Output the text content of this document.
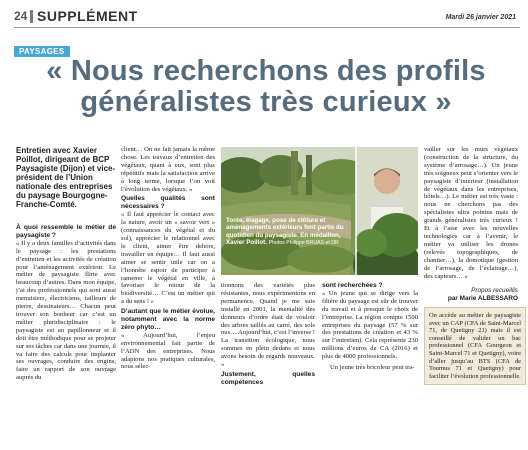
24 SUPPLÉMENT	Mardi 26 janvier 2021
PAYSAGES
« Nous recherchons des profils généralistes très curieux »
Entretien avec Xavier Poillot, dirigeant de BCP Paysagiste (Dijon) et vice-président de l’Union nationale des entreprises du paysage Bourgogne-Franche-Comté.

À quoi ressemble le métier de paysagiste ?

« Il y a deux familles d’activités dans le paysage : les prestations d’entretien et les activités de création pour l’aménagement extérieur. Le métier de paysagiste flirte avec beaucoup d’autres. Dans mon équipe, j’ai des professionnels qui sont aussi menuisiers, électriciens, tailleurs de pierre, dessinateurs… Chacun peut trouver son bonheur car c’est un métier pluridisciplinaire : le paysagiste est un papillonneur et il doit être méthodique pour se projeter sur ses tâches car dans une journée, il va faire des calculs pour implanter ses ouvrages, conduire des engins, faire un rapport de son ouvrage auprès du

client… On ne fait jamais la même chose. Les travaux d’entretien des végétaux, quant à eux, sont plus répétitifs mais la satisfaction arrive à long terme, lorsque l’on voit l’évolution des végétaux. »

Quelles qualités sont nécessaires ?

« Il faut apprécier le contact avec la nature, avoir un « savoir vert » (connaissances du végétal et du sol), apprécier le relationnel avec le client, aimer être dehors, travailler en équipe… Il faut aussi aimer se sentir utile car on a l’honnête espoir de participer à ramener le végétal en ville, à favoriser le retour de la biodiversité… C’est un métier qui a du sens ! »

D’autant que le métier évolue, notamment avec la norme zéro phyto…

« Aujourd’hui, l’enjeu environnemental fait partie de l’ADN des entreprises. Nous adaptons nos pratiques culturales, nous sélec-

Tonte, élagage, pose de clôture et aménagements extérieurs font partie du quotidien du paysagiste. En médaillon, Xavier Poillot. Photos Philippe BRUAS et DR

tionnons des variétés plus résistantes, nous expérimentons en permanence. Quand je me suis installé en 2001, la mentalité des donneurs d’ordre était de vouloir des arbres taillés au carré, des sols nus… Aujourd’hui, c’est l’inverse ! La transition écologique, nous sommes en plein dedans et nous avons besoin de regards nouveaux. »

Justement, quelles compétences

sont recherchées ?

« Un jeune qui se dirige vers la filière du paysage est sûr de trouver du travail et à presque le choix de l’entreprise. La région compte 1500 entreprises du paysage (57 % sur des prestations de création et 43 % sur l’entretien). Cela représente 230 millions d’euros de CA (2016) et plus de 4000 professionnels.

Un jeune très bricoleur peut tra-

vailler sur les murs végétaux (construction de la structure, du système d’arrosage…). Un jeune très soigneux peut s’orienter vers le paysagiste d’intérieur (installation de végétaux dans les entreprises, hôtels…). Le métier est très vaste : nous ne cherchons pas des spécialistes ultra pointus mais de grands généralistes très curieux ! Et à l’aise avec les nouvelles technologies car à l’avenir, le métier va utiliser les drones (relevés topographiques, de chantier…), la domotique (gestion de l’arrosage, de l’éclairage…), des capteurs… »

Propos recueillis
par Marie ALBESSARO
On accède au métier de paysagiste avec un CAP (CFA de Saint-Marcel 71, de Quetigny 21) mais il est conseillé de valider un bac professionnel (CFA Gourgeon et Saint-Marcel 71 et Quetigny), voire d’aller jusqu’au BTS (CFA de Tournus 71 et Quetigny) pour faciliter l’évolution professionnelle.
